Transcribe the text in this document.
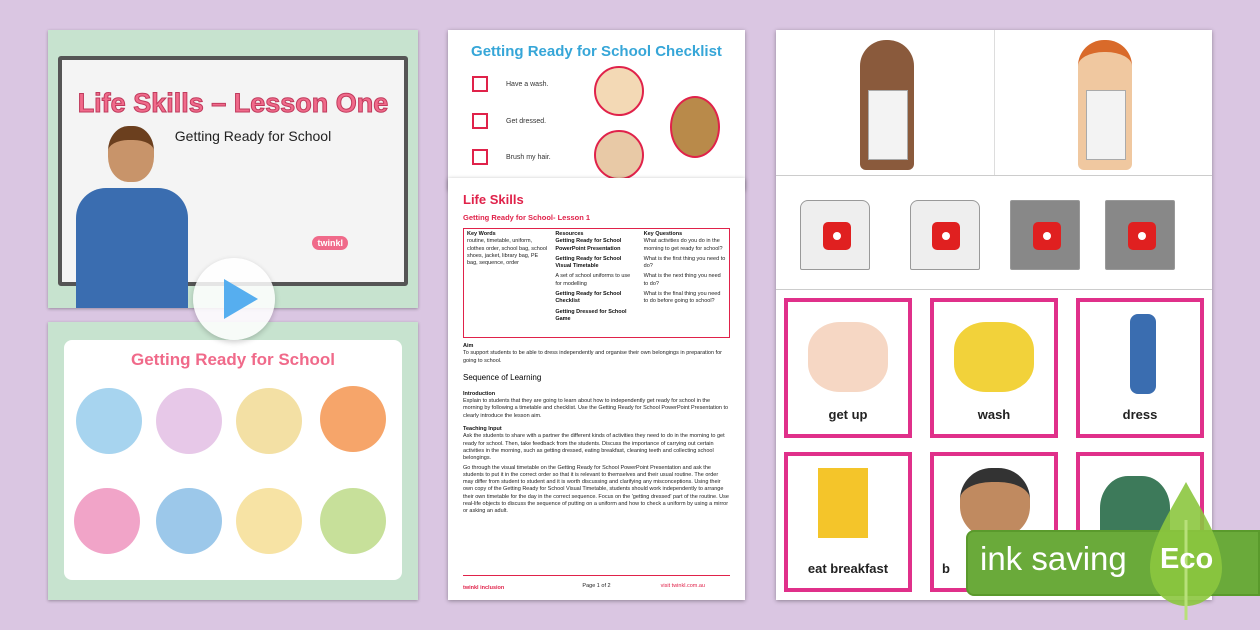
Life Skills – Lesson One
Getting Ready for School
twinkl
Getting Ready for School
Getting Ready for School Checklist
Have a wash.
Get dressed.
Brush my hair.
Life Skills
Getting Ready for School- Lesson 1
Key Words
routine, timetable, uniform, clothes order, school bag, school shoes, jacket, library bag, PE bag, sequence, order
Resources
Getting Ready for School PowerPoint Presentation
Getting Ready for School Visual Timetable
A set of school uniforms to use for modelling
Getting Ready for School Checklist
Getting Dressed for School Game
Key Questions
What activities do you do in the morning to get ready for school?
What is the first thing you need to do?
What is the next thing you need to do?
What is the final thing you need to do before going to school?
Aim
To support students to be able to dress independently and organise their own belongings in preparation for going to school.
Sequence of Learning
Introduction
Explain to students that they are going to learn about how to independently get ready for school in the morning by following a timetable and checklist. Use the Getting Ready for School PowerPoint Presentation to clearly introduce the lesson aim.
Teaching Input
Ask the students to share with a partner the different kinds of activities they need to do in the morning to get ready for school. Then, take feedback from the students. Discuss the importance of carrying out certain activities in the morning, such as getting dressed, eating breakfast, cleaning teeth and collecting school belongings.
Go through the visual timetable on the Getting Ready for School PowerPoint Presentation and ask the students to put it in the correct order so that it is relevant to themselves and their usual routine. The order may differ from student to student and it is worth discussing and clarifying any misconceptions. Using their own copy of the Getting Ready for School Visual Timetable, students should work independently to arrange their own timetable for the day in the correct sequence. Focus on the 'getting dressed' part of the routine. Use real-life objects to discuss the sequence of putting on a uniform and how to check a uniform by using a mirror or asking an adult.
twinkl inclusion	Page 1 of 2	visit twinkl.com.au
get up	wash	dress
eat breakfast	b ink saving Eco
